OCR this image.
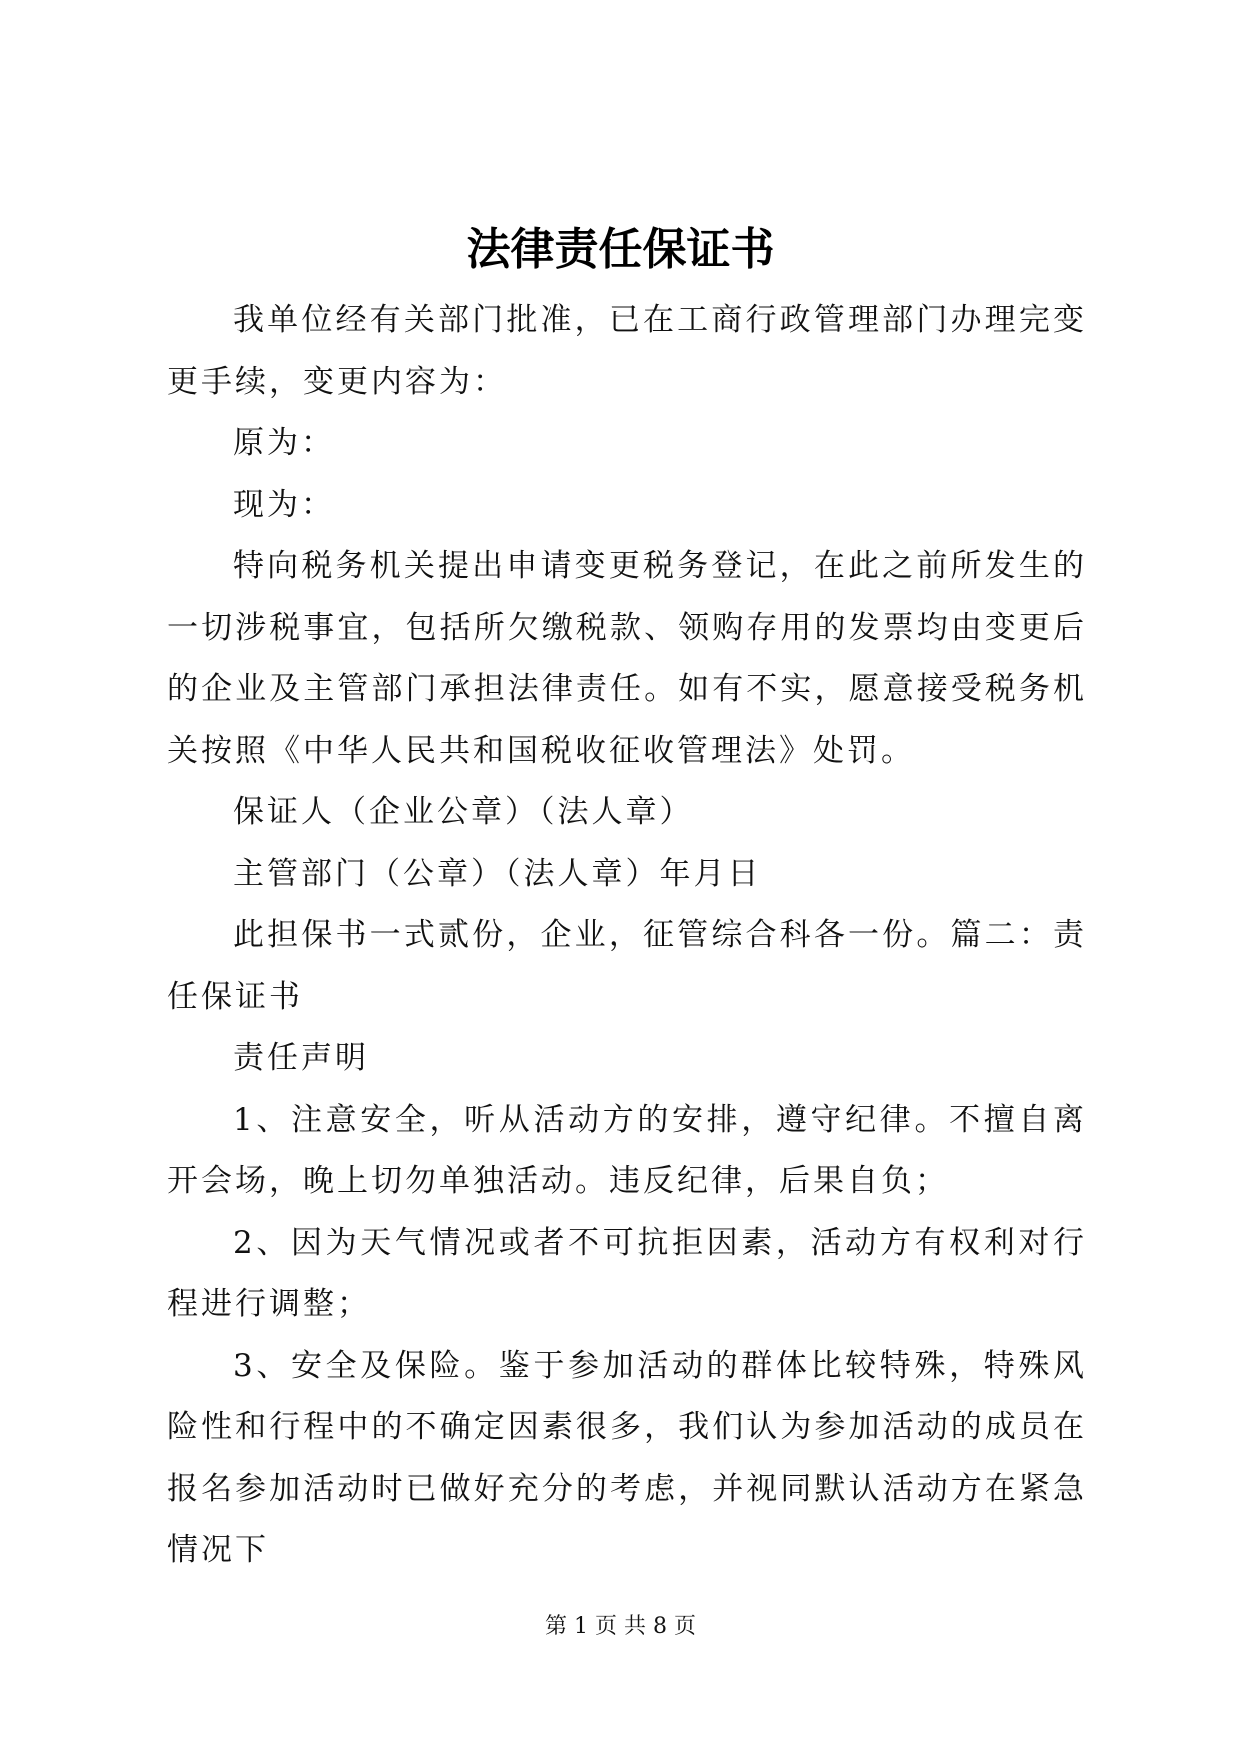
法律责任保证书

我单位经有关部门批准，已在工商行政管理部门办理完变更手续，变更内容为：

原为：

现为：

特向税务机关提出申请变更税务登记，在此之前所发生的一切涉税事宜，包括所欠缴税款、领购存用的发票均由变更后的企业及主管部门承担法律责任。如有不实，愿意接受税务机关按照《中华人民共和国税收征收管理法》处罚。

保证人（企业公章）（法人章）

主管部门（公章）（法人章）年月日

此担保书一式贰份，企业，征管综合科各一份。篇二：责任保证书

责任声明

1、注意安全，听从活动方的安排，遵守纪律。不擅自离开会场，晚上切勿单独活动。违反纪律，后果自负；

2、因为天气情况或者不可抗拒因素，活动方有权利对行程进行调整；

3、安全及保险。鉴于参加活动的群体比较特殊，特殊风险性和行程中的不确定因素很多，我们认为参加活动的成员在报名参加活动时已做好充分的考虑，并视同默认活动方在紧急情况下

第 1 页 共 8 页
